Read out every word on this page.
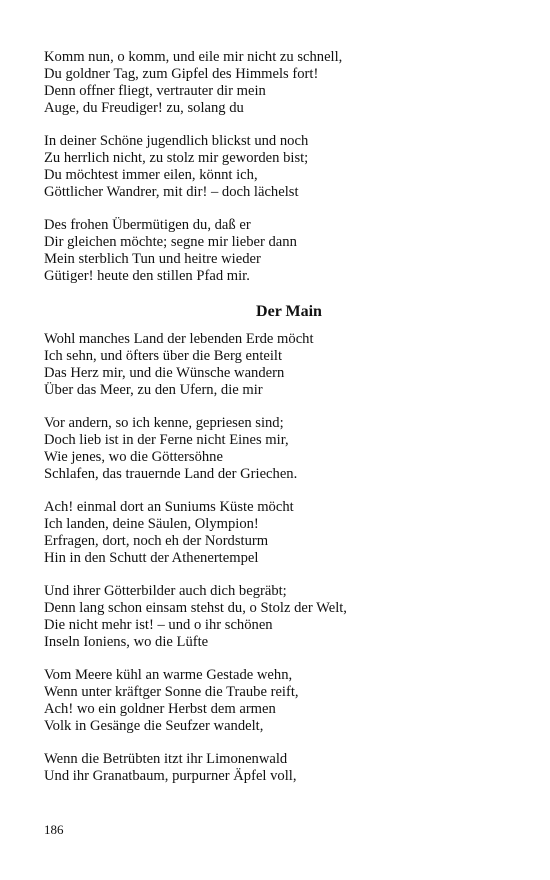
Komm nun, o komm, und eile mir nicht zu schnell,
Du goldner Tag, zum Gipfel des Himmels fort!
Denn offner fliegt, vertrauter dir mein
Auge, du Freudiger! zu, solang du
In deiner Schöne jugendlich blickst und noch
Zu herrlich nicht, zu stolz mir geworden bist;
Du möchtest immer eilen, könnt ich,
Göttlicher Wandrer, mit dir! – doch lächelst
Des frohen Übermütigen du, daß er
Dir gleichen möchte; segne mir lieber dann
Mein sterblich Tun und heitre wieder
Gütiger! heute den stillen Pfad mir.
Der Main
Wohl manches Land der lebenden Erde möcht
Ich sehn, und öfters über die Berg enteilt
Das Herz mir, und die Wünsche wandern
Über das Meer, zu den Ufern, die mir
Vor andern, so ich kenne, gepriesen sind;
Doch lieb ist in der Ferne nicht Eines mir,
Wie jenes, wo die Göttersöhne
Schlafen, das trauernde Land der Griechen.
Ach! einmal dort an Suniums Küste möcht
Ich landen, deine Säulen, Olympion!
Erfragen, dort, noch eh der Nordsturm
Hin in den Schutt der Athenertempel
Und ihrer Götterbilder auch dich begräbt;
Denn lang schon einsam stehst du, o Stolz der Welt,
Die nicht mehr ist! – und o ihr schönen
Inseln Ioniens, wo die Lüfte
Vom Meere kühl an warme Gestade wehn,
Wenn unter kräftger Sonne die Traube reift,
Ach! wo ein goldner Herbst dem armen
Volk in Gesänge die Seufzer wandelt,
Wenn die Betrübten itzt ihr Limonenwald
Und ihr Granatbaum, purpurner Äpfel voll,
186
